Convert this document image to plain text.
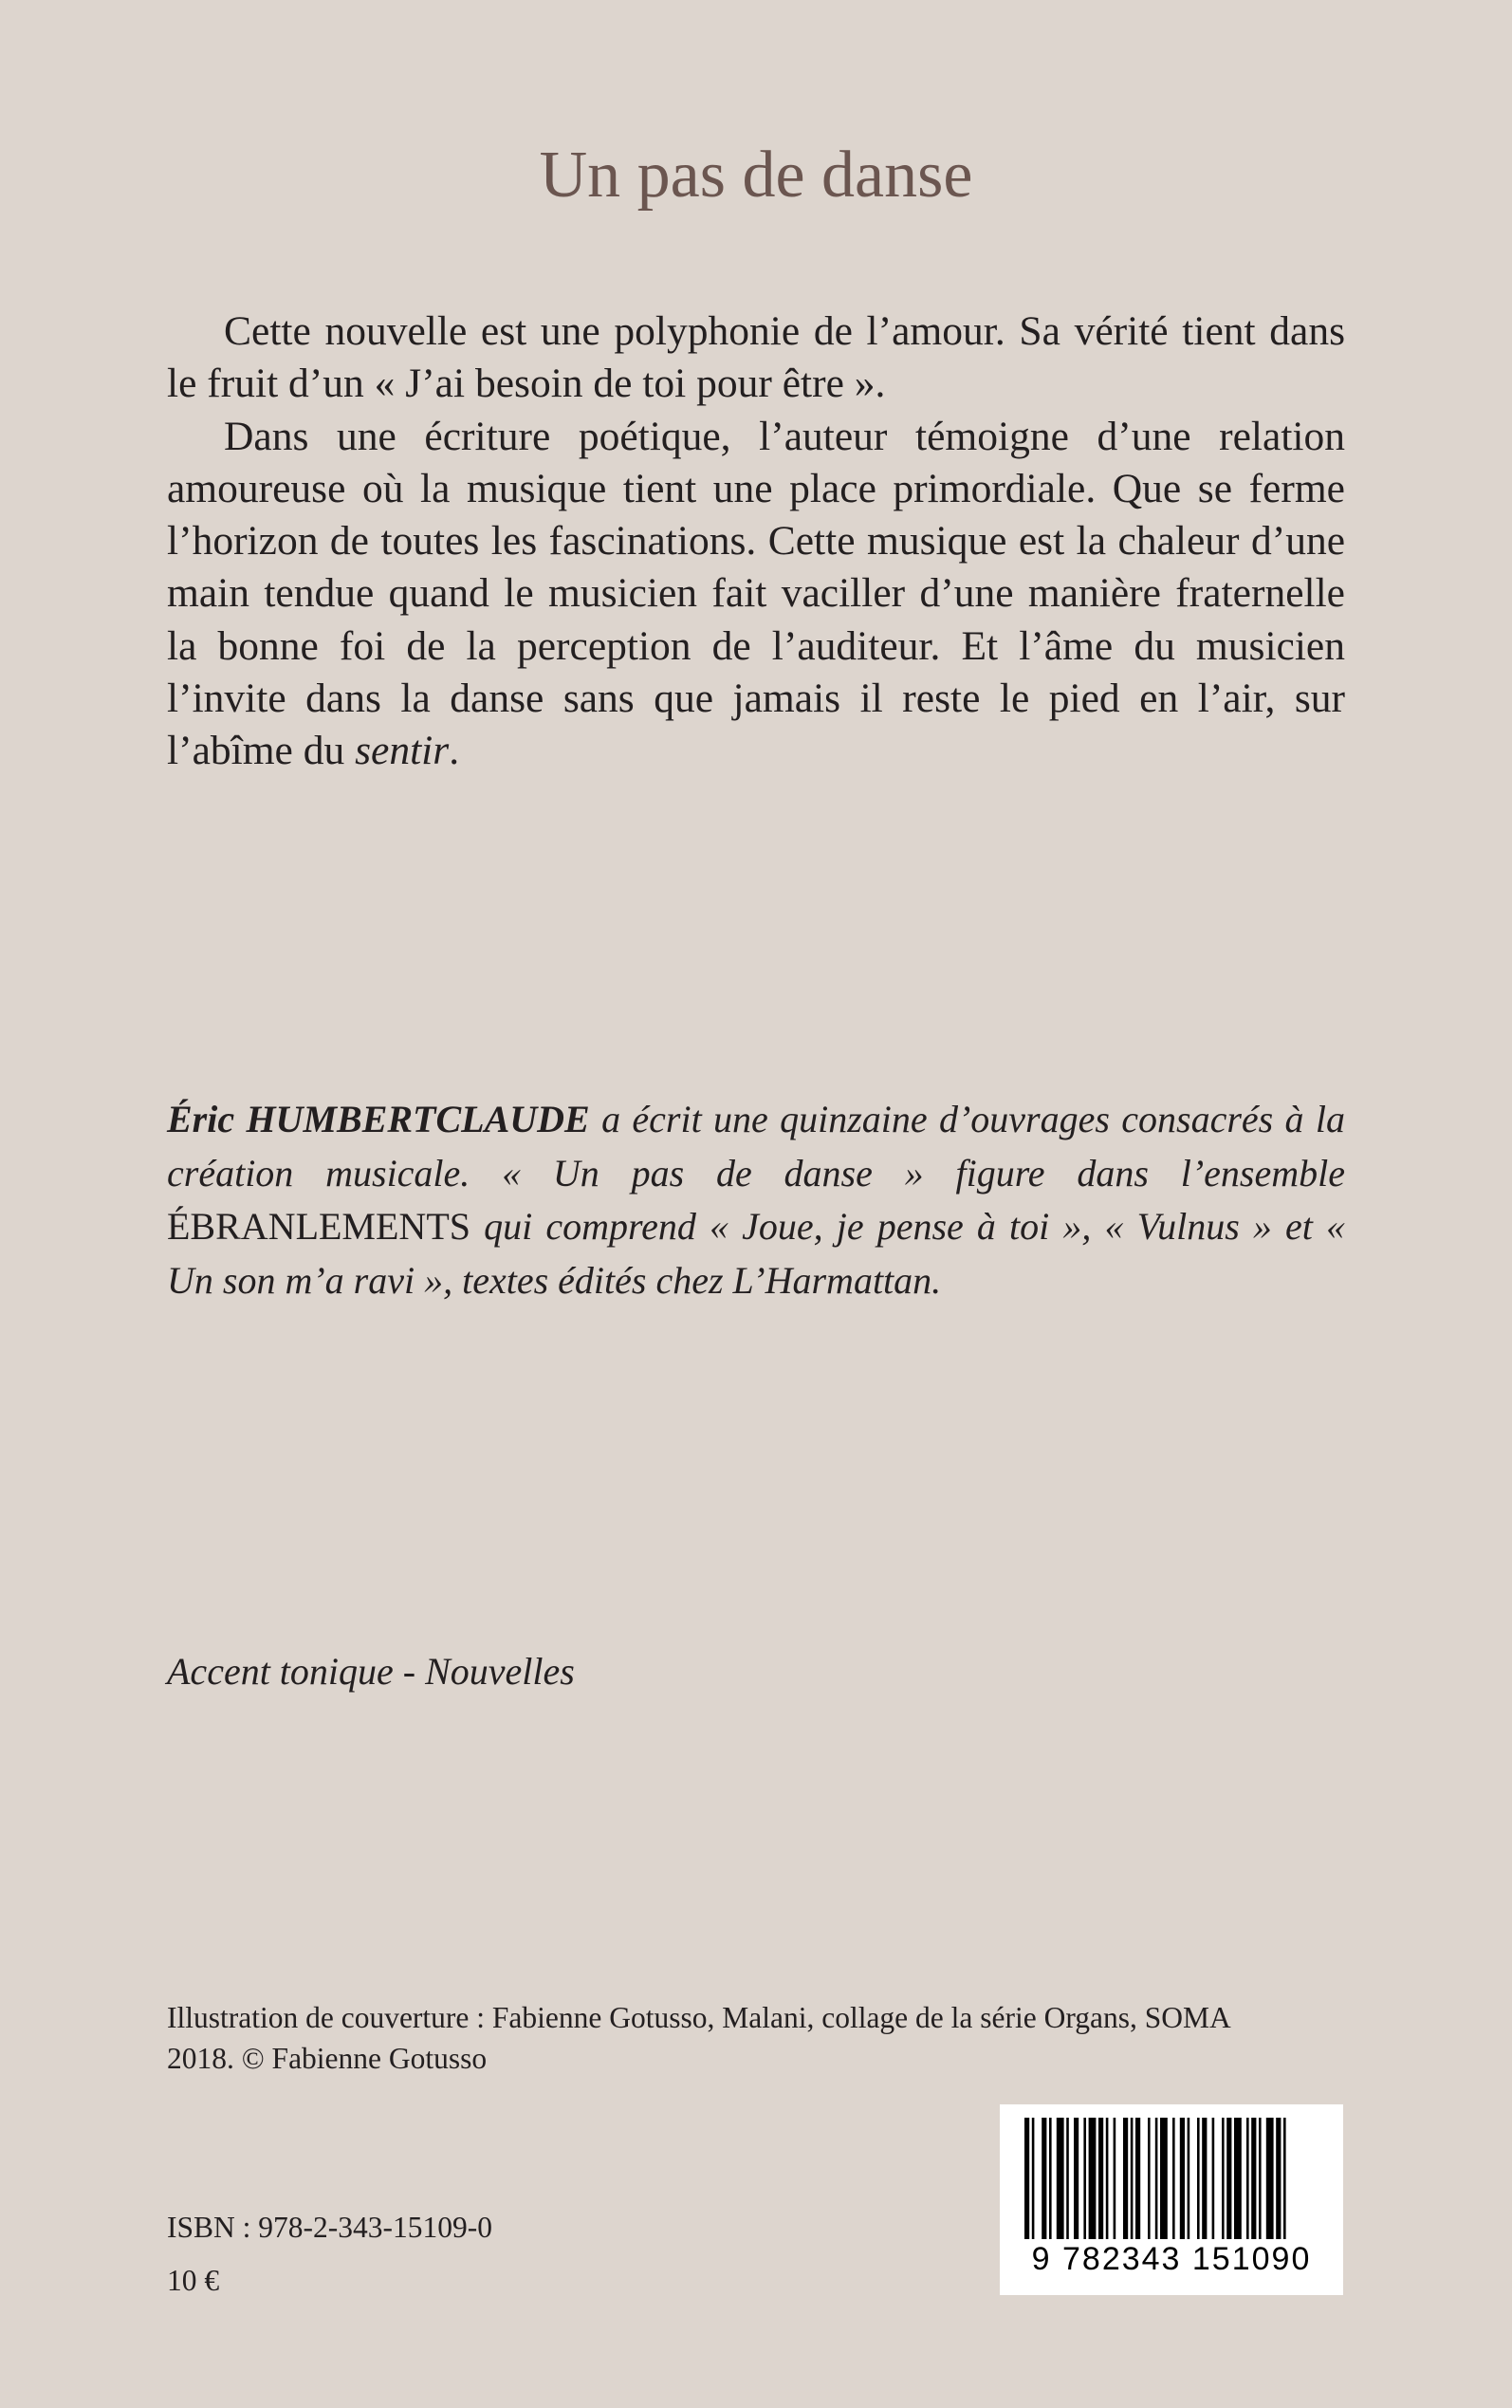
Un pas de danse

Cette nouvelle est une polyphonie de l’amour. Sa vérité tient dans le fruit d’un « J’ai besoin de toi pour être ».

Dans une écriture poétique, l’auteur témoigne d’une relation amoureuse où la musique tient une place primordiale. Que se ferme l’horizon de toutes les fascinations. Cette musique est la chaleur d’une main tendue quand le musicien fait vaciller d’une manière fraternelle la bonne foi de la perception de l’auditeur. Et l’âme du musicien l’invite dans la danse sans que jamais il reste le pied en l’air, sur l’abîme du sentir.

Éric HUMBERTCLAUDE a écrit une quinzaine d’ouvrages consacrés à la création musicale. « Un pas de danse » figure dans l’ensemble ÉBRANLEMENTS qui comprend « Joue, je pense à toi », « Vulnus » et « Un son m’a ravi », textes édités chez L’Harmattan.

Accent tonique - Nouvelles
Illustration de couverture : Fabienne Gotusso, Malani, collage de la série Organs, SOMA 2018. © Fabienne Gotusso
ISBN : 978-2-343-15109-0
10 €
9 782343 151090
